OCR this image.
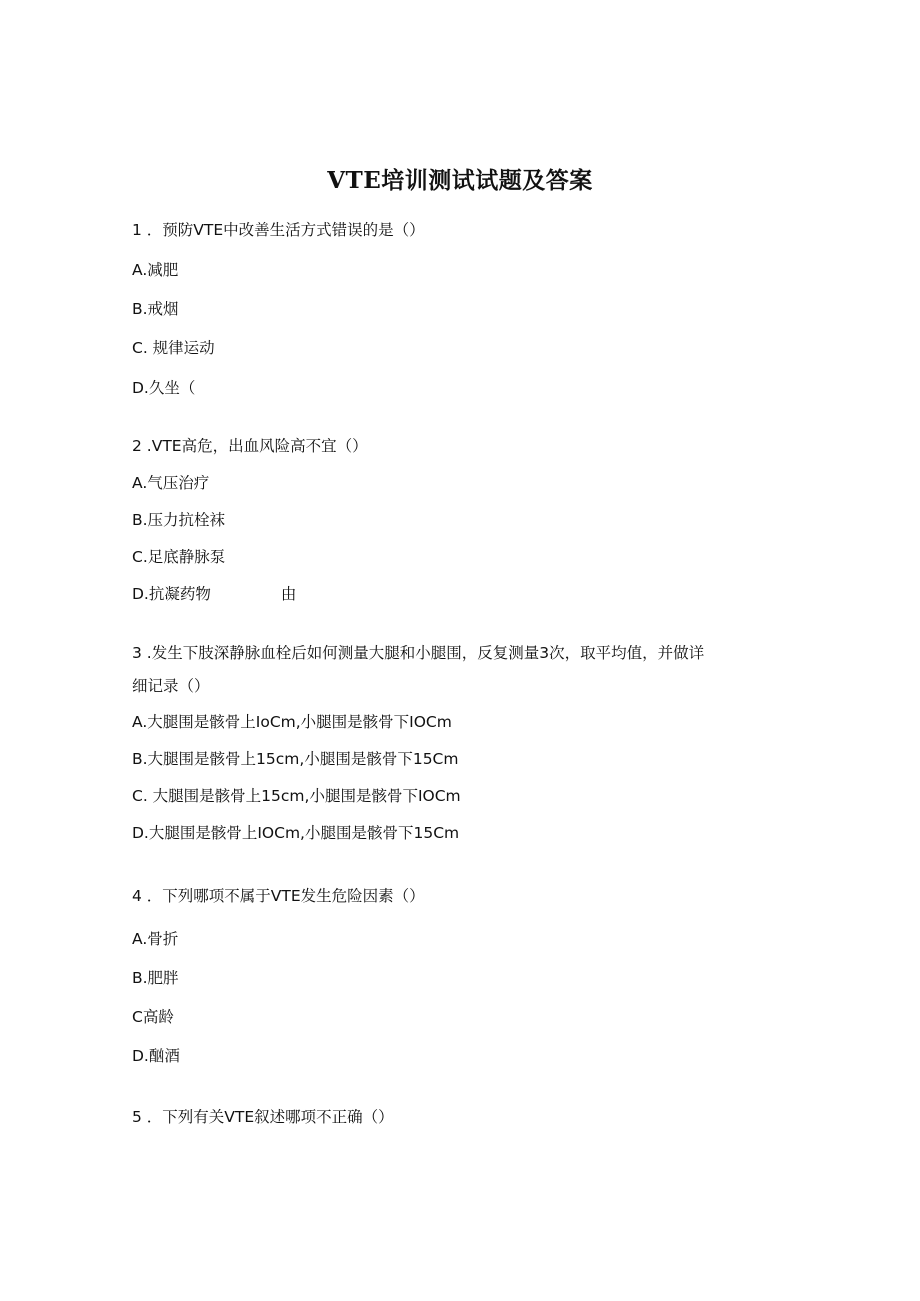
VTE培训测试试题及答案
1 ．预防VTE中改善生活方式错误的是（）
A.减肥
B.戒烟
C. 规律运动
D.久坐（
2 .VTE高危，出血风险高不宜（）
A.气压治疗
B.压力抗栓袜
C.足底静脉泵
D.抗凝药物	由
3 .发生下肢深静脉血栓后如何测量大腿和小腿围，反复测量3次，取平均值，并做详
细记录（）
A.大腿围是骸骨上IoCm,小腿围是骸骨下IOCm
B.大腿围是骸骨上15cm,小腿围是骸骨下15Cm
C. 大腿围是骸骨上15cm,小腿围是骸骨下IOCm
D.大腿围是骸骨上IOCm,小腿围是骸骨下15Cm
4 ．下列哪项不属于VTE发生危险因素（）
A.骨折
B.肥胖
C高龄
D.酗酒
5 ．下列有关VTE叙述哪项不正确（）
